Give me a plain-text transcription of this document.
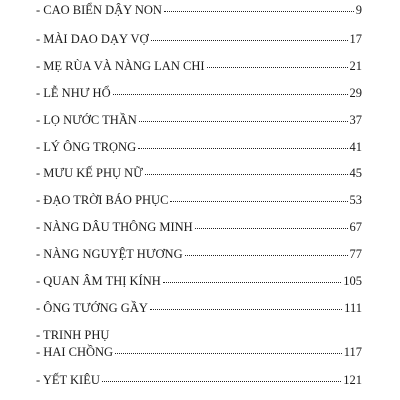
- CAO BIỂN DẬY NON	9
- MÀI DAO DẠY VỢ	17
- MẸ RÙA VÀ NÀNG LAN CHI	21
- LỄ NHƯ HỔ	29
- LỌ NƯỚC THẦN	37
- LÝ ÔNG TRỌNG	41
- MƯU KẾ PHỤ NỮ	45
- ĐẠO TRỜI BÁO PHỤC	53
- NÀNG DÂU THÔNG MINH	67
- NÀNG NGUYỆT HƯƠNG	77
- QUAN ÂM THỊ KÍNH	105
- ÔNG TƯỚNG GẦY	111
- TRINH PHỤ
- HAI CHỒNG	117
- YẾT KIÊU	121
